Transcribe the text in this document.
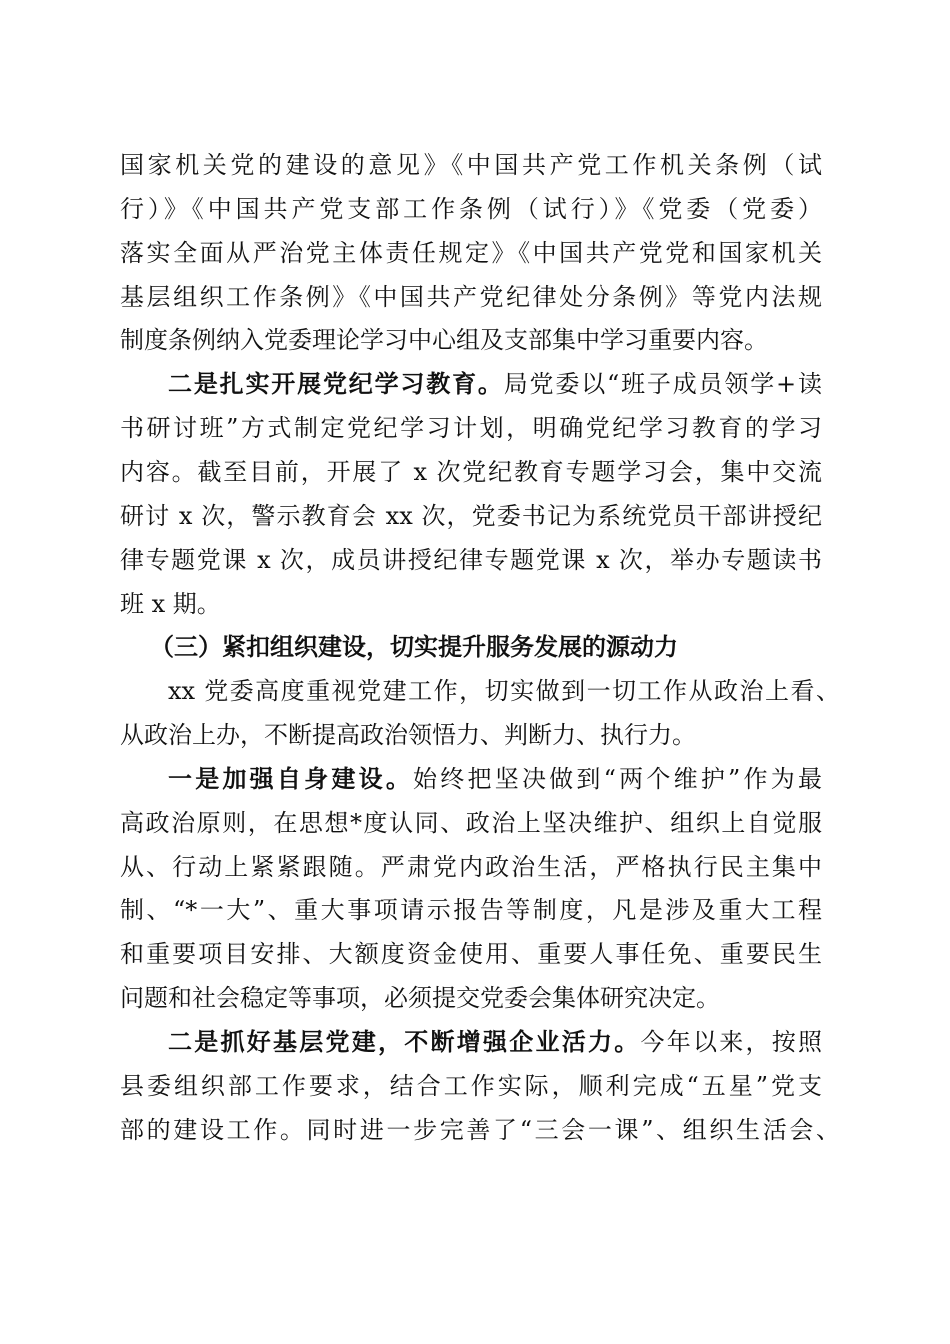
国家机关党的建设的意见》《中国共产党工作机关条例（试
行）》《中国共产党支部工作条例（试行）》《党委（党委）
落实全面从严治党主体责任规定》《中国共产党党和国家机关
基层组织工作条例》《中国共产党纪律处分条例》等党内法规
制度条例纳入党委理论学习中心组及支部集中学习重要内容。
二是扎实开展党纪学习教育。局党委以“班子成员领学+读
书研讨班”方式制定党纪学习计划，明确党纪学习教育的学习
内容。截至目前，开展了 x 次党纪教育专题学习会，集中交流
研讨 x 次，警示教育会 xx 次，党委书记为系统党员干部讲授纪
律专题党课 x 次，成员讲授纪律专题党课 x 次，举办专题读书
班 x 期。
（三）紧扣组织建设，切实提升服务发展的源动力
xx 党委高度重视党建工作，切实做到一切工作从政治上看、
从政治上办，不断提高政治领悟力、判断力、执行力。
一是加强自身建设。始终把坚决做到“两个维护”作为最
高政治原则，在思想*度认同、政治上坚决维护、组织上自觉服
从、行动上紧紧跟随。严肃党内政治生活，严格执行民主集中
制、“*一大”、重大事项请示报告等制度，凡是涉及重大工程
和重要项目安排、大额度资金使用、重要人事任免、重要民生
问题和社会稳定等事项，必须提交党委会集体研究决定。
二是抓好基层党建，不断增强企业活力。今年以来，按照
县委组织部工作要求，结合工作实际，顺利完成“五星”党支
部的建设工作。同时进一步完善了“三会一课”、组织生活会、
